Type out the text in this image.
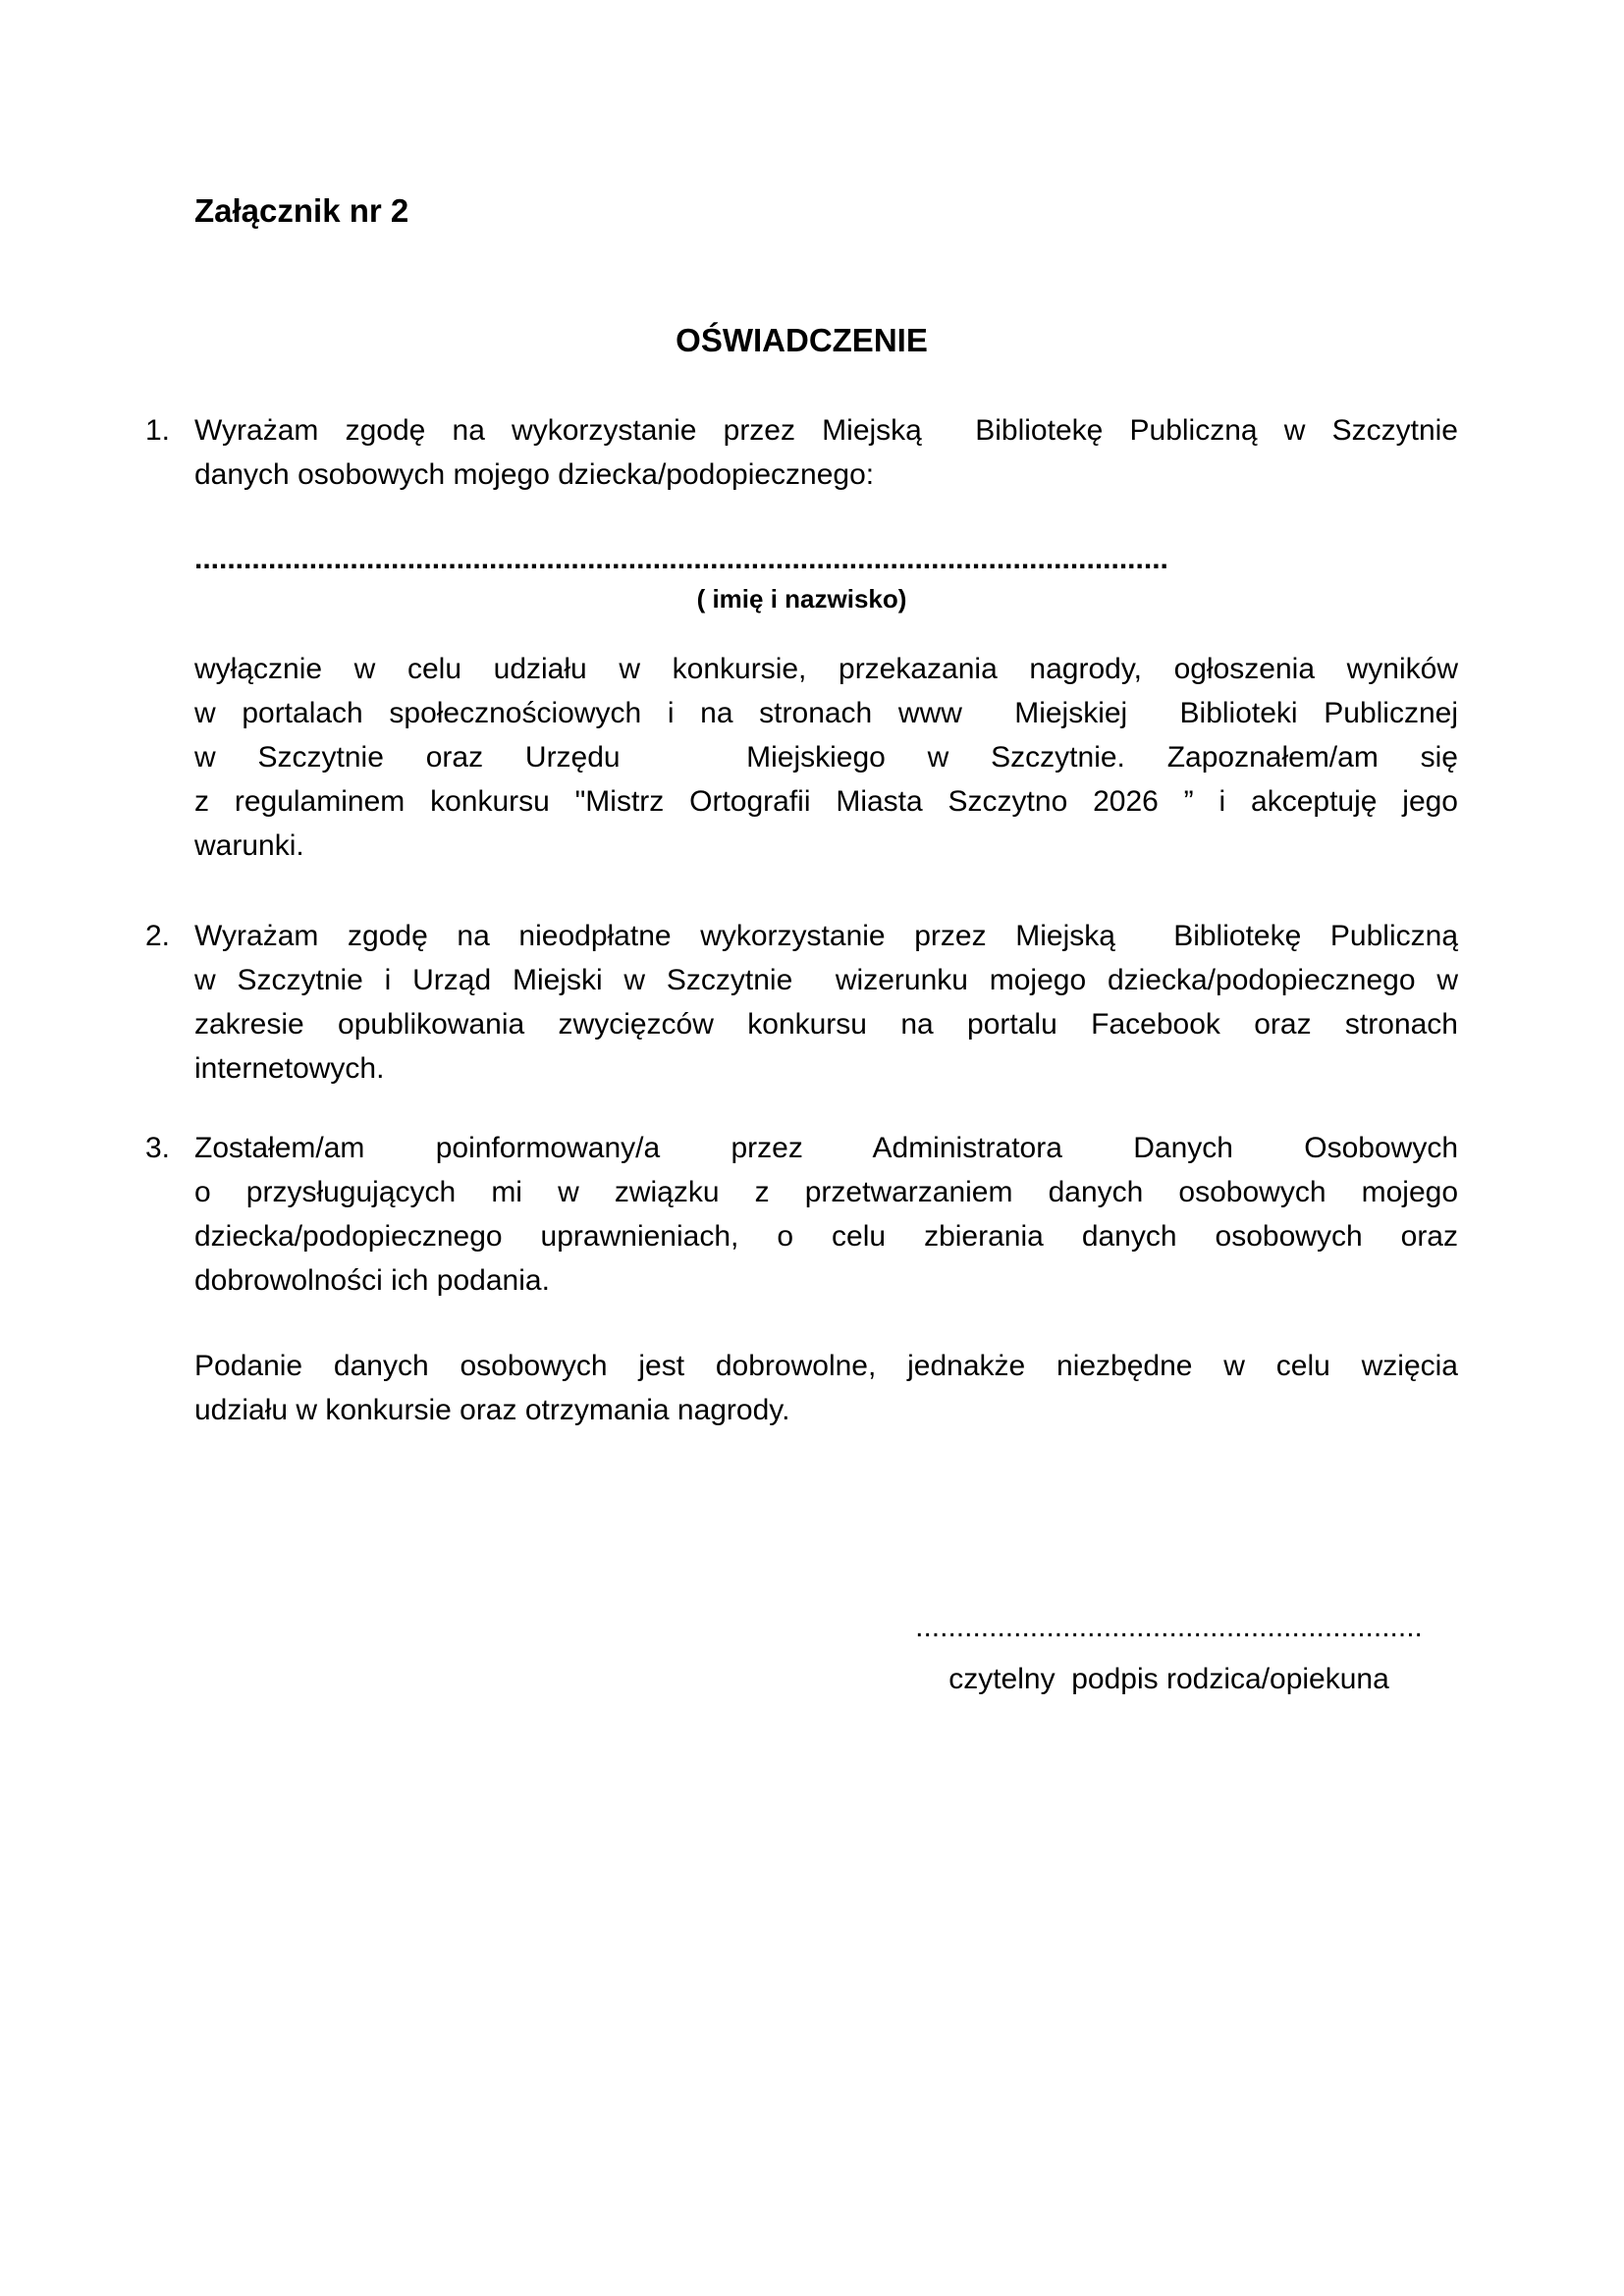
Załącznik nr 2
OŚWIADCZENIE
1. Wyrażam zgodę na wykorzystanie przez Miejską  Bibliotekę Publiczną w Szczytnie
danych osobowych mojego dziecka/podopiecznego:
.......................................................................................................................
( imię i nazwisko)
wyłącznie w celu udziału w konkursie, przekazania nagrody, ogłoszenia wyników
w portalach społecznościowych i na stronach www  Miejskiej  Biblioteki Publicznej
w Szczytnie oraz Urzędu   Miejskiego w Szczytnie. Zapoznałem/am się
z regulaminem konkursu "Mistrz Ortografii Miasta Szczytno 2026 ” i akceptuję jego
warunki.
2. Wyrażam zgodę na nieodpłatne wykorzystanie przez Miejską  Bibliotekę Publiczną
w Szczytnie i Urząd Miejski w Szczytnie  wizerunku mojego dziecka/podopiecznego w
zakresie opublikowania zwycięzców konkursu na portalu Facebook oraz stronach
internetowych.
3. Zostałem/am poinformowany/a przez Administratora Danych Osobowych
o przysługujących mi w związku z przetwarzaniem danych osobowych mojego
dziecka/podopiecznego uprawnieniach, o celu zbierania danych osobowych oraz
dobrowolności ich podania.
Podanie danych osobowych jest dobrowolne, jednakże niezbędne w celu wzięcia
udziału w konkursie oraz otrzymania nagrody.
..............................................................
czytelny  podpis rodzica/opiekuna
